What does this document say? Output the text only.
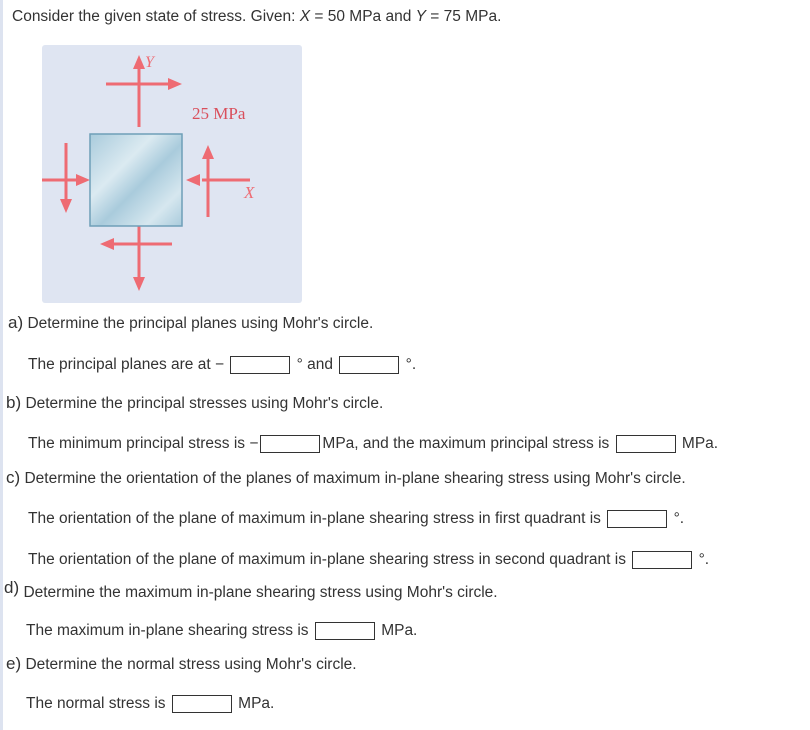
Consider the given state of stress. Given: X = 50 MPa and Y = 75 MPa.
Y
25 MPa
X
a) Determine the principal planes using Mohr's circle.
The principal planes are at −	° and	°.
b) Determine the principal stresses using Mohr's circle.
The minimum principal stress is −	MPa, and the maximum principal stress is	MPa.
c) Determine the orientation of the planes of maximum in-plane shearing stress using Mohr's circle.
The orientation of the plane of maximum in-plane shearing stress in first quadrant is	°.
The orientation of the plane of maximum in-plane shearing stress in second quadrant is	°.
d) Determine the maximum in-plane shearing stress using Mohr's circle.
The maximum in-plane shearing stress is	MPa.
e) Determine the normal stress using Mohr's circle.
The normal stress is	MPa.
